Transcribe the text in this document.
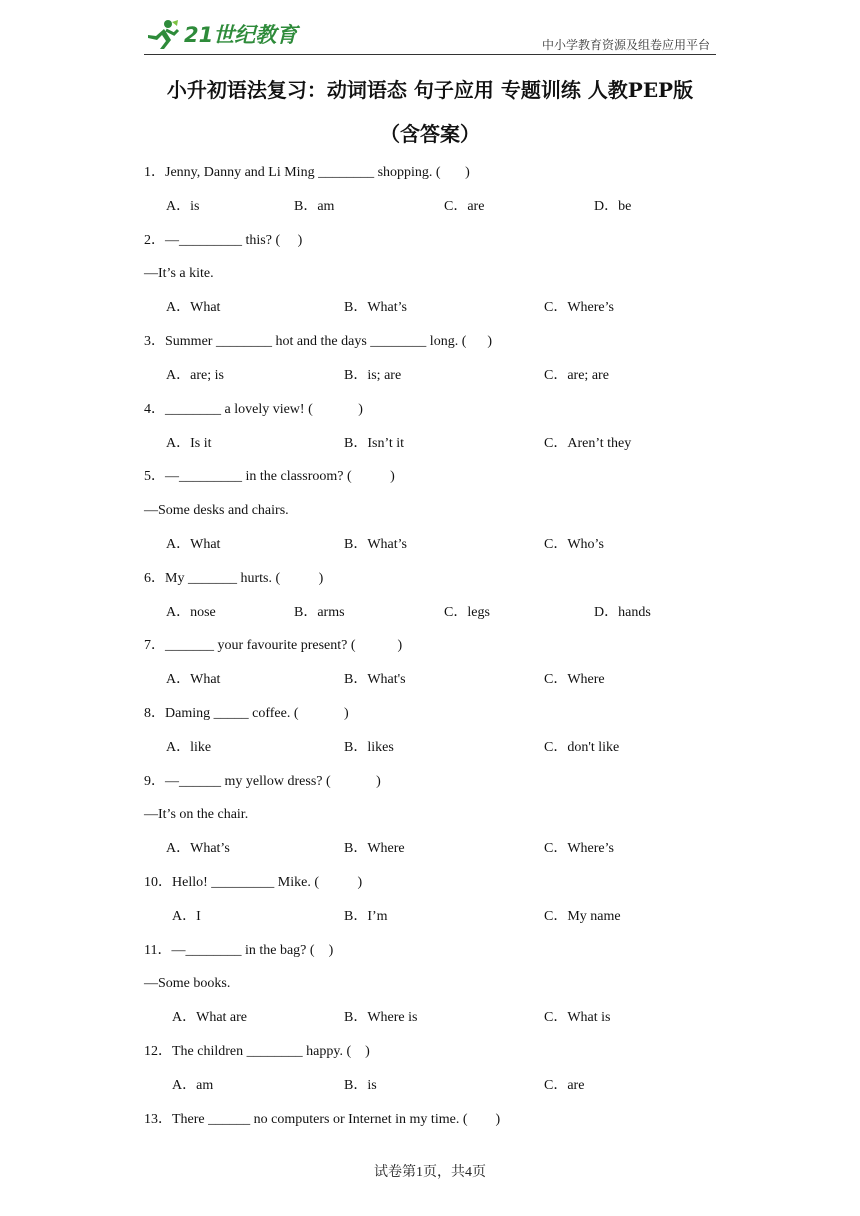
21世纪教育	中小学教育资源及组卷应用平台
小升初语法复习：动词语态 句子应用 专题训练 人教PEP版
（含答案）
1．Jenny, Danny and Li Ming ________ shopping. (       )
A．is	B．am	C．are	D．be
2．—_________ this? (     )
—It’s a kite.
A．What	B．What’s	C．Where’s
3．Summer ________ hot and the days ________ long. (      )
A．are; is	B．is; are	C．are; are
4．________ a lovely view! (             )
A．Is it	B．Isn’t it	C．Aren’t they
5．—_________ in the classroom? (           )
—Some desks and chairs.
A．What	B．What’s	C．Who’s
6．My _______ hurts. (           )
A．nose	B．arms	C．legs	D．hands
7．_______ your favourite present? (            )
A．What	B．What's	C．Where
8．Daming _____ coffee. (             )
A．like	B．likes	C．don't like
9．—______ my yellow dress? (             )
—It’s on the chair.
A．What’s	B．Where	C．Where’s
10．Hello! _________ Mike. (           )
A．I	B．I’m	C．My name
11．—________ in the bag? (    )
—Some books.
A．What are	B．Where is	C．What is
12．The children ________ happy. (    )
A．am	B．is	C．are
13．There ______ no computers or Internet in my time. (        )
试卷第1页，共4页
